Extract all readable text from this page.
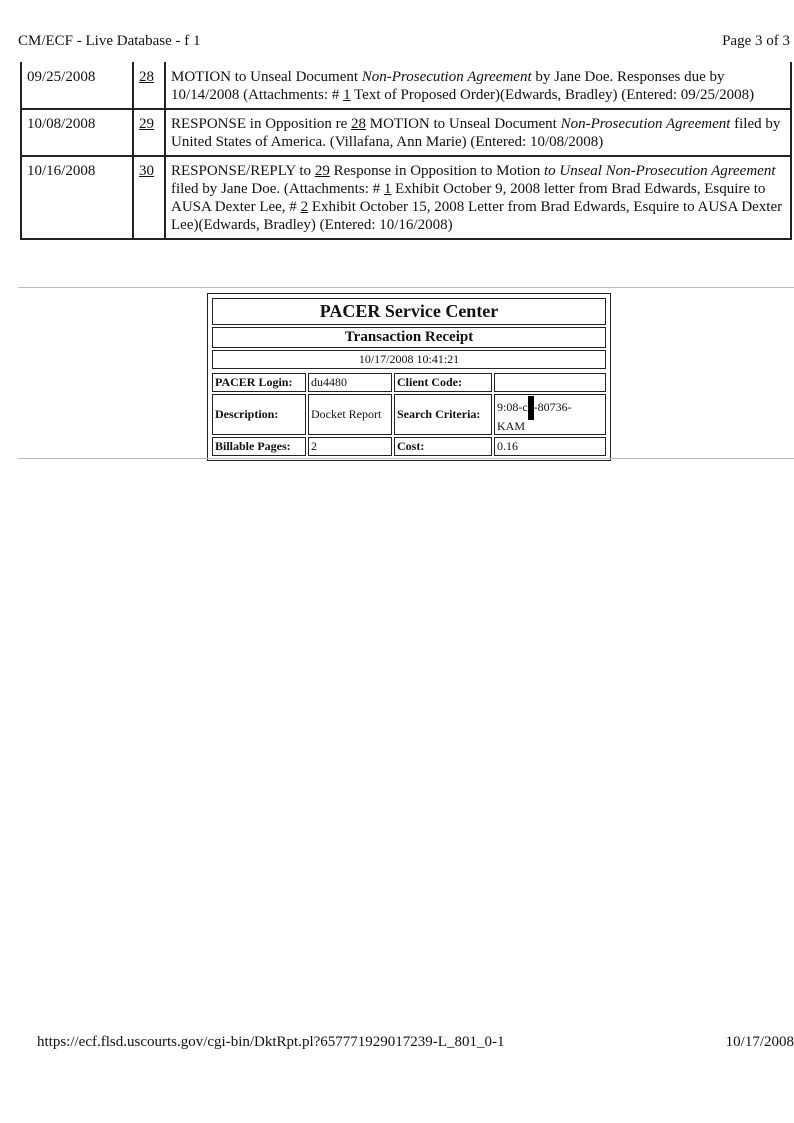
CM/ECF - Live Database - f 1	Page 3 of 3
09/25/2008	28	MOTION to Unseal Document Non-Prosecution Agreement by Jane Doe. Responses due by 10/14/2008 (Attachments: # 1 Text of Proposed Order)(Edwards, Bradley) (Entered: 09/25/2008)
10/08/2008	29	RESPONSE in Opposition re 28 MOTION to Unseal Document Non-Prosecution Agreement filed by United States of America. (Villafana, Ann Marie) (Entered: 10/08/2008)
10/16/2008	30	RESPONSE/REPLY to 29 Response in Opposition to Motion to Unseal Non-Prosecution Agreement filed by Jane Doe. (Attachments: # 1 Exhibit October 9, 2008 letter from Brad Edwards, Esquire to AUSA Dexter Lee, # 2 Exhibit October 15, 2008 Letter from Brad Edwards, Esquire to AUSA Dexter Lee)(Edwards, Bradley) (Entered: 10/16/2008)
PACER Service Center
Transaction Receipt
10/17/2008 10:41:21
PACER Login:	du4480	Client Code:	
Description:	Docket Report	Search Criteria:	9:08-c -80736-
KAM
Billable Pages:	2	Cost:	0.16
https://ecf.flsd.uscourts.gov/cgi-bin/DktRpt.pl?657771929017239-L_801_0-1	10/17/2008
